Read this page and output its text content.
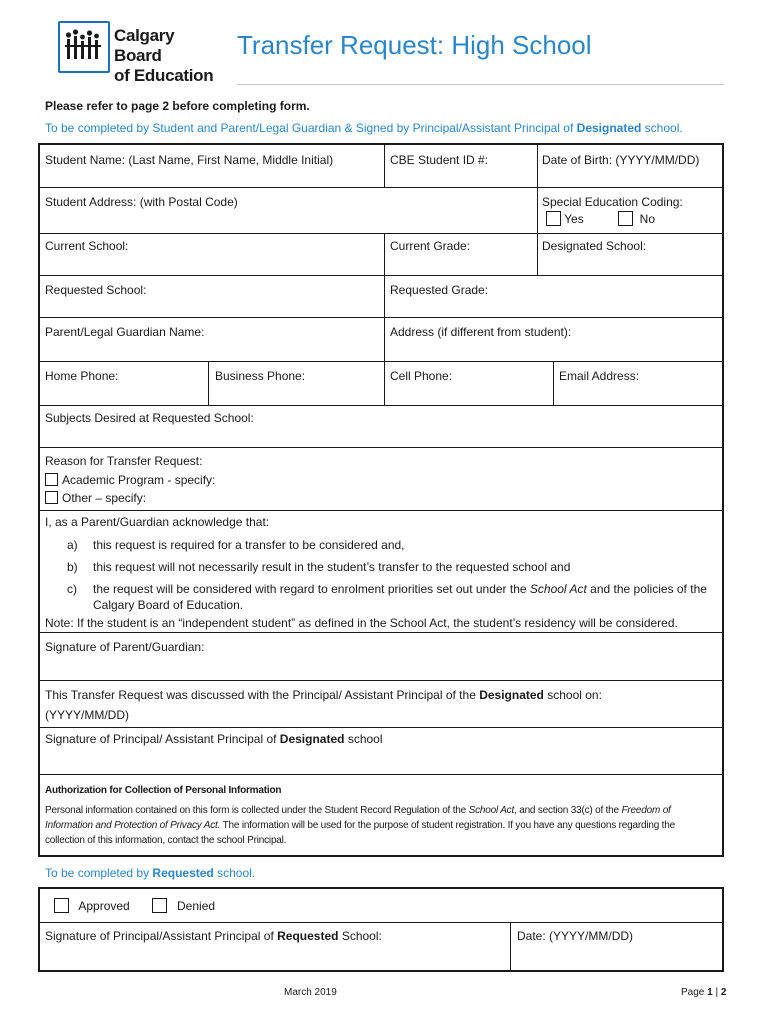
Calgary Board
of Education
Transfer Request: High School
Please refer to page 2 before completing form.
To be completed by Student and Parent/Legal Guardian & Signed by Principal/Assistant Principal of Designated school.
Student Name: (Last Name, First Name, Middle Initial)	CBE Student ID #:	Date of Birth: (YYYY/MM/DD)
Student Address: (with Postal Code)	Special Education Coding:
Yes	No
Current School:	Current Grade:	Designated School:
Requested School:	Requested Grade:
Parent/Legal Guardian Name:	Address (if different from student):
Home Phone:	Business Phone:	Cell Phone:	Email Address:
Subjects Desired at Requested School:
Reason for Transfer Request:
Academic Program - specify:
Other – specify:
I, as a Parent/Guardian acknowledge that:
a) this request is required for a transfer to be considered and,
b) this request will not necessarily result in the student’s transfer to the requested school and
c) the request will be considered with regard to enrolment priorities set out under the School Act and the policies of the Calgary Board of Education.
Note: If the student is an “independent student” as defined in the School Act, the student’s residency will be considered.
Signature of Parent/Guardian:
This Transfer Request was discussed with the Principal/ Assistant Principal of the Designated school on:
(YYYY/MM/DD)
Signature of Principal/ Assistant Principal of Designated school
Authorization for Collection of Personal Information
Personal information contained on this form is collected under the Student Record Regulation of the School Act, and section 33(c) of the Freedom of Information and Protection of Privacy Act. The information will be used for the purpose of student registration. If you have any questions regarding the collection of this information, contact the school Principal.
To be completed by Requested school.
Approved	Denied
Signature of Principal/Assistant Principal of Requested School:	Date: (YYYY/MM/DD)
March 2019	Page 1 | 2
